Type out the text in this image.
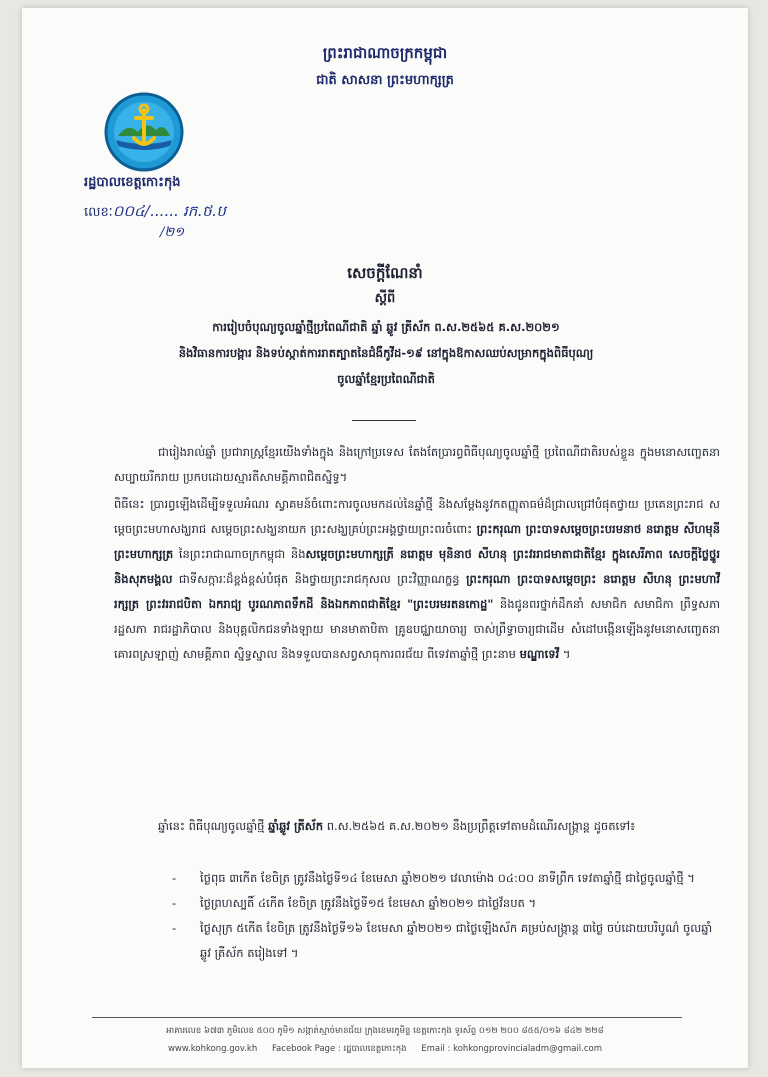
ព្រះរាជាណាចក្រកម្ពុជា
ជាតិ សាសនា ព្រះមហាក្សត្រ
រដ្ឋបាលខេត្តកោះកុង
លេខៈ០០៤/...... រក.ថ.ប
/២១
សេចក្តីណែនាំ
ស្តីពី
ការរៀបចំបុណ្យចូលឆ្នាំថ្មីប្រពៃណីជាតិ ឆ្នាំ ឆ្លូវ ត្រីស័ក ព.ស.២៥៦៥ គ.ស.២០២១
និងវិធានការបង្ការ និងទប់ស្កាត់ការរាតត្បាតនៃជំងឺកូវីដ-១៩ នៅក្នុងឱកាសឈប់សម្រាកក្នុងពិធីបុណ្យ
ចូលឆ្នាំខ្មែរប្រពៃណីជាតិ
ជារៀងរាល់ឆ្នាំ ប្រជារាស្ត្រខ្មែរយើងទាំងក្នុង និងក្រៅប្រទេស តែងតែប្រារព្ធពិធីបុណ្យចូលឆ្នាំថ្មី ប្រពៃណីជាតិរបស់ខ្លួន ក្នុងមនោសញ្ចេតនាសប្បាយរីករាយ ប្រកបដោយស្មារតីសាមគ្គីភាពជិតស្និទ្ធ។
ពិធីនេះ ប្រារព្ធឡើងដើម្បីទទួលអំណរ ស្វាគមន៍ចំពោះការចូលមកដល់នៃឆ្នាំថ្មី និងសម្តែងនូវកតញ្ញុតាធម៌ដ៏ជ្រាលជ្រៅបំផុតថ្វាយ ប្រគេនព្រះរាជ សម្តេចព្រះមហាសង្ឃរាជ សម្តេចព្រះសង្ឃនាយក ព្រះសង្ឃគ្រប់ព្រះអង្គថ្វាយព្រះពរចំពោះ ព្រះករុណា ព្រះបាទសម្តេចព្រះបរមនាថ នរោត្តម សីហមុនី ព្រះមហាក្សត្រ នៃព្រះរាជាណាចក្រកម្ពុជា និងសម្តេចព្រះមហាក្សត្រី នរោត្តម មុនិនាថ សីហនុ ព្រះវររាជមាតាជាតិខ្មែរ ក្នុងសេរីភាព សេចក្តីថ្លៃថ្នូរ និងសុភមង្គល ជាទីសក្ការៈដ៏ខ្ពង់ខ្ពស់បំផុត និងថ្វាយព្រះរាជកុសល ព្រះវិញ្ញាណក្ខន្ធ ព្រះករុណា ព្រះបាទសម្តេចព្រះ នរោត្តម សីហនុ ព្រះមហាវីរក្សត្រ ព្រះវររាជបិតា ឯករាជ្យ បូរណភាពទឹកដី និងឯកភាពជាតិខ្មែរ "ព្រះបរមរតនកោដ្ឋ" និងជូនពរថ្នាក់ដឹកនាំ សមាជិក សមាជិកា ព្រឹទ្ធសភា រដ្ឋសភា រាជរដ្ឋាភិបាល និងបុគ្គលិកជនទាំងឡាយ មានមាតាបិតា គ្រូឧបជ្ឈាយាចារ្យ ចាស់ព្រឹទ្ធាចារ្យជាដើម សំដៅបង្កើនឡើងនូវមនោសញ្ចេតនាគោរពស្រឡាញ់ សាមគ្គីភាព ស្និទ្ធស្នាល និងទទួលបានសព្វសាធុការពរជ័យ ពីទេវតាឆ្នាំថ្មី ព្រះនាម មណ្ឌាទេវី ។
ឆ្នាំនេះ ពិធីបុណ្យចូលឆ្នាំថ្មី ឆ្នាំឆ្លូវ ត្រីស័ក ព.ស.២៥៦៥ គ.ស.២០២១ នឹងប្រព្រឹត្តទៅតាមដំណើរសង្ក្រាន្ត ដូចតទៅ៖
- ថ្ងៃពុធ ៣កើត ខែចិត្រ ត្រូវនឹងថ្ងៃទី១៤ ខែមេសា ឆ្នាំ២០២១ វេលាម៉ោង ០៤:០០ នាទីព្រឹក ទេវតាឆ្នាំថ្មី ជាថ្ងៃចូលឆ្នាំថ្មី ។
- ថ្ងៃព្រហស្បតិ៍ ៤កើត ខែចិត្រ ត្រូវនឹងថ្ងៃទី១៥ ខែមេសា ឆ្នាំ២០២១ ជាថ្ងៃវ័នបត ។
- ថ្ងៃសុក្រ ៥កើត ខែចិត្រ ត្រូវនឹងថ្ងៃទី១៦ ខែមេសា ឆ្នាំ២០២១ ជាថ្ងៃឡើងស័ក គម្រប់សង្ក្រាន្ត ៣ថ្ងៃ ចប់ដោយបរិបូណ៌ ចូលឆ្នាំឆ្លូវ ត្រីស័ក តរៀងទៅ ។
អាគារលេខ ៦៧៣ ភូមិលេខ ៥០០ ភូមិ១ សង្កាត់ស្មាច់មានជ័យ ក្រុងខេមរភូមិន្ទ ខេត្តកោះកុង ទូរស័ព្ទ ០១២ ២០០ ៨៥៥/០១៦ ៨៤២ ២២៨
www.kohkong.gov.kh Facebook Page : រដ្ឋបាលខេត្តកោះកុង Email : kohkongprovincialadm@gmail.com
